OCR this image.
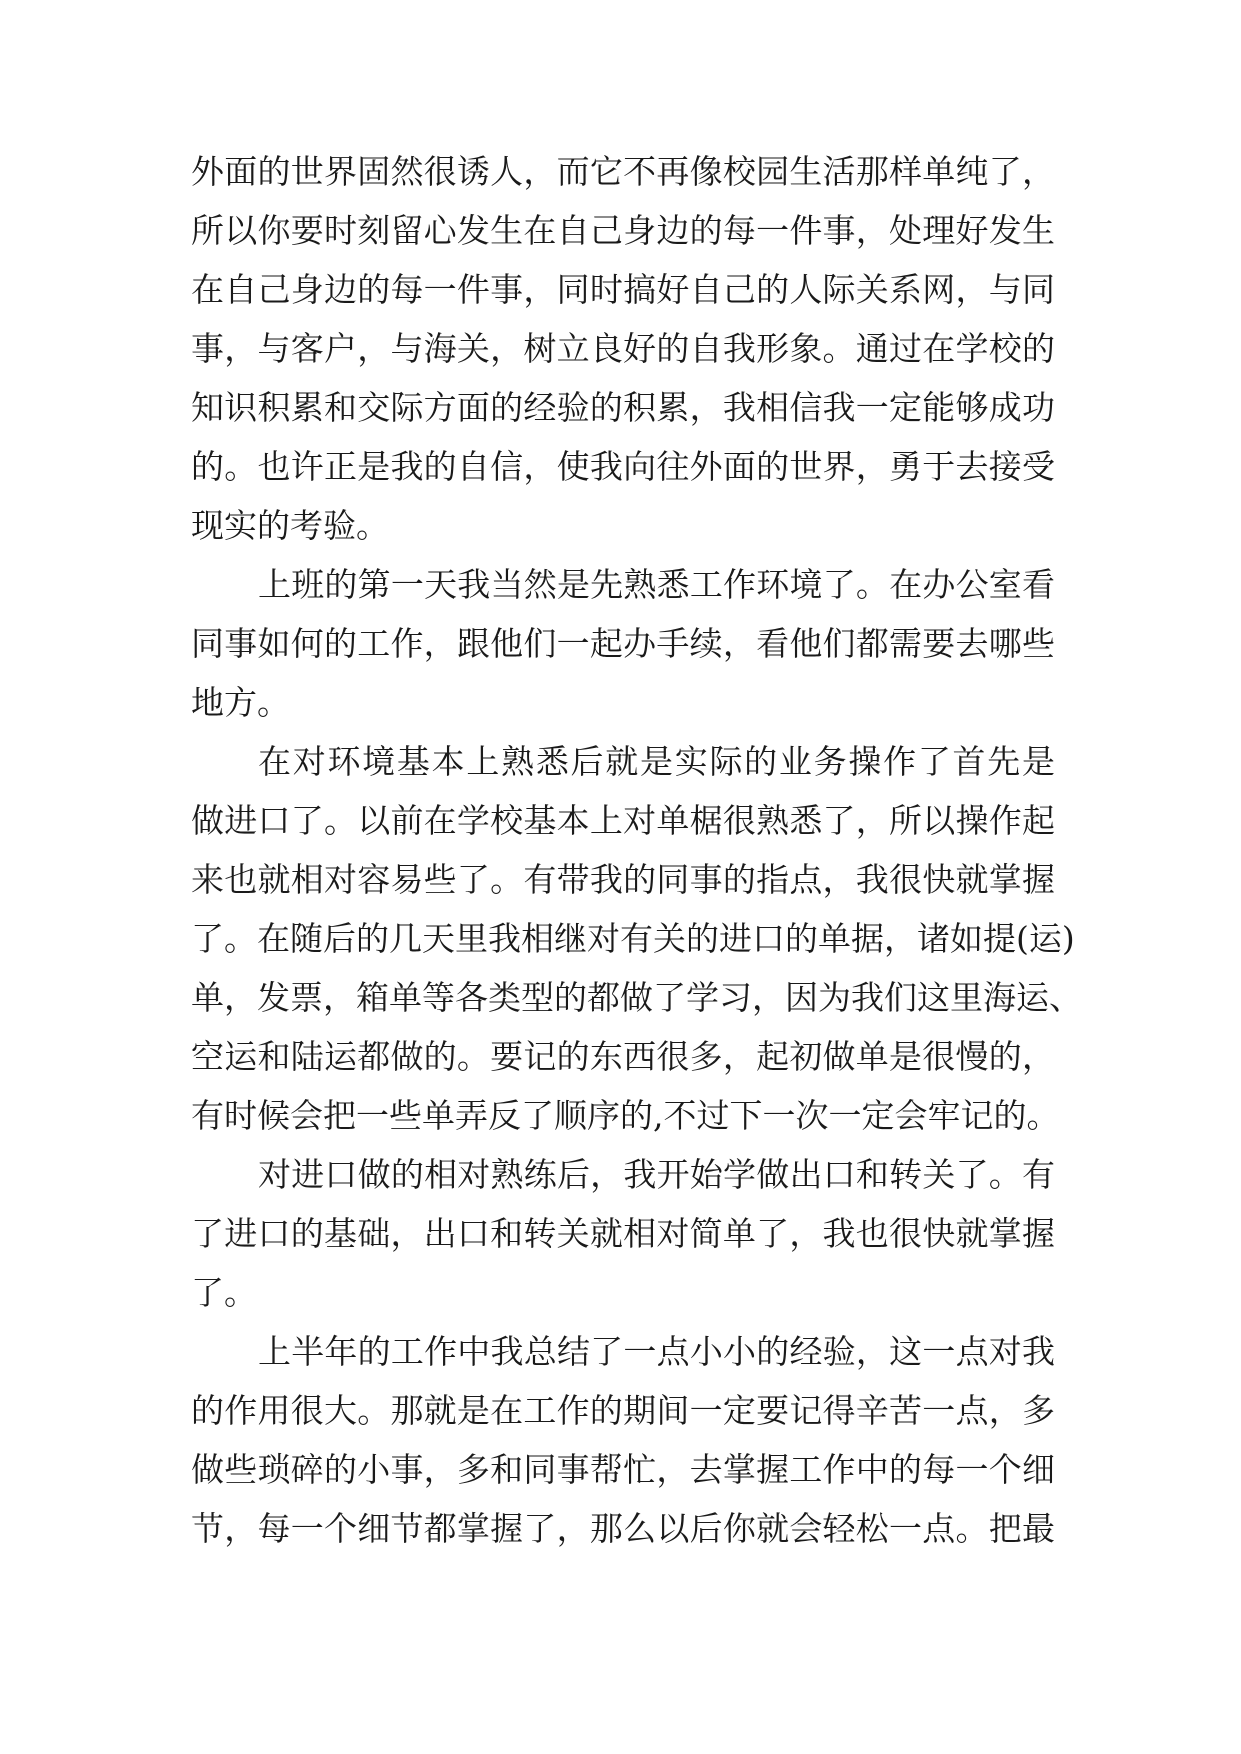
外面的世界固然很诱人，而它不再像校园生活那样单纯了，

所以你要时刻留心发生在自己身边的每一件事，处理好发生

在自己身边的每一件事，同时搞好自己的人际关系网，与同

事，与客户，与海关，树立良好的自我形象。通过在学校的

知识积累和交际方面的经验的积累，我相信我一定能够成功

的。也许正是我的自信，使我向往外面的世界，勇于去接受

现实的考验。

上班的第一天我当然是先熟悉工作环境了。在办公室看

同事如何的工作，跟他们一起办手续，看他们都需要去哪些

地方。

在对环境基本上熟悉后就是实际的业务操作了首先是

做进口了。以前在学校基本上对单椐很熟悉了，所以操作起

来也就相对容易些了。有带我的同事的指点，我很快就掌握

了。在随后的几天里我相继对有关的进口的单据，诸如提(运)

单，发票，箱单等各类型的都做了学习，因为我们这里海运、

空运和陆运都做的。要记的东西很多，起初做单是很慢的，

有时候会把一些单弄反了顺序的,不过下一次一定会牢记的。

对进口做的相对熟练后，我开始学做出口和转关了。有

了进口的基础，出口和转关就相对简单了，我也很快就掌握

了。

上半年的工作中我总结了一点小小的经验，这一点对我

的作用很大。那就是在工作的期间一定要记得辛苦一点，多

做些琐碎的小事，多和同事帮忙，去掌握工作中的每一个细

节，每一个细节都掌握了，那么以后你就会轻松一点。把最
